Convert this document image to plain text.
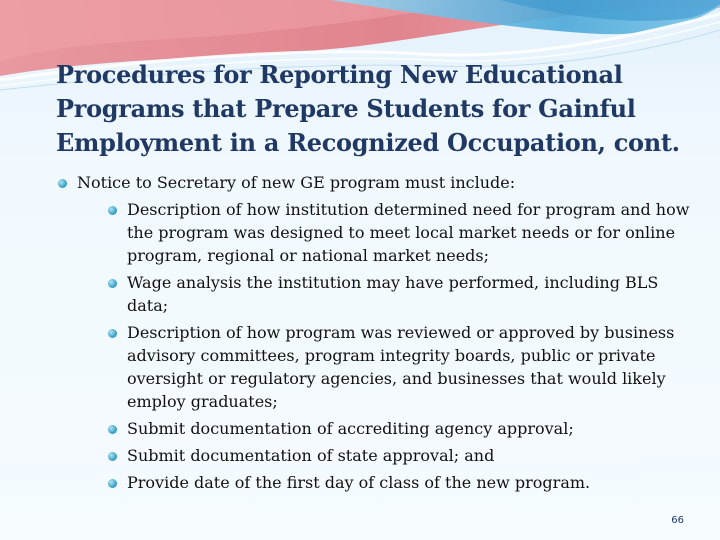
Procedures for Reporting New Educational Programs that Prepare Students for Gainful Employment in a Recognized Occupation, cont.
Notice to Secretary of new GE program must include:
Description of how institution determined need for program and how the program was designed to meet local market needs or for online program, regional or national market needs;
Wage analysis the institution may have performed, including BLS data;
Description of how program was reviewed or approved by business advisory committees, program integrity boards, public or private oversight or regulatory agencies, and businesses that would likely employ graduates;
Submit documentation of accrediting agency approval;
Submit documentation of state approval; and
Provide date of the first day of class of the new program.
66
